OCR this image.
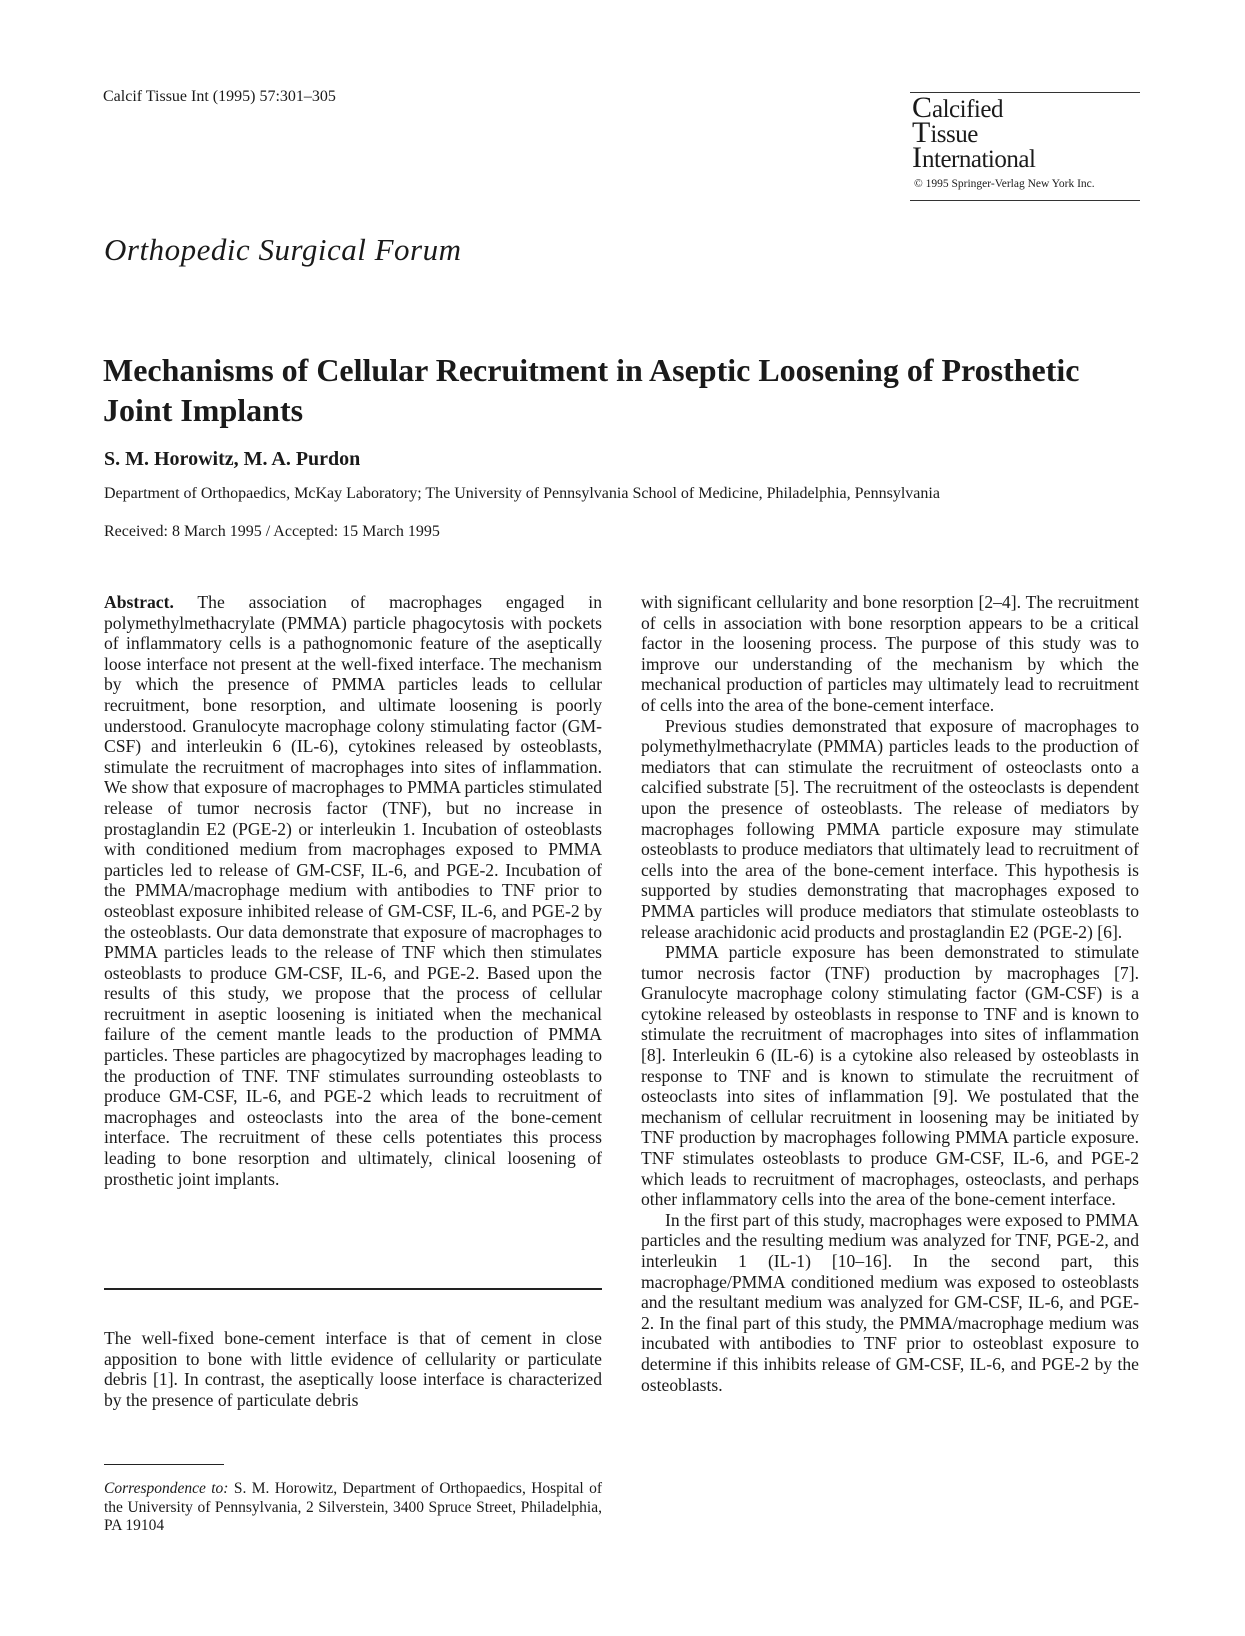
Calcif Tissue Int (1995) 57:301–305	Calcified
Tissue
International
© 1995 Springer-Verlag New York Inc.
Orthopedic Surgical Forum
Mechanisms of Cellular Recruitment in Aseptic Loosening of Prosthetic Joint Implants
S. M. Horowitz, M. A. Purdon
Department of Orthopaedics, McKay Laboratory; The University of Pennsylvania School of Medicine, Philadelphia, Pennsylvania
Received: 8 March 1995 / Accepted: 15 March 1995

Abstract. The association of macrophages engaged in polymethylmethacrylate (PMMA) particle phagocytosis with pockets of inflammatory cells is a pathognomonic feature of the aseptically loose interface not present at the well-fixed interface. The mechanism by which the presence of PMMA particles leads to cellular recruitment, bone resorption, and ultimate loosening is poorly understood. Granulocyte macrophage colony stimulating factor (GM-CSF) and interleukin 6 (IL-6), cytokines released by osteoblasts, stimulate the recruitment of macrophages into sites of inflammation. We show that exposure of macrophages to PMMA particles stimulated release of tumor necrosis factor (TNF), but no increase in prostaglandin E2 (PGE-2) or interleukin 1. Incubation of osteoblasts with conditioned medium from macrophages exposed to PMMA particles led to release of GM-CSF, IL-6, and PGE-2. Incubation of the PMMA/macrophage medium with antibodies to TNF prior to osteoblast exposure inhibited release of GM-CSF, IL-6, and PGE-2 by the osteoblasts. Our data demonstrate that exposure of macrophages to PMMA particles leads to the release of TNF which then stimulates osteoblasts to produce GM-CSF, IL-6, and PGE-2. Based upon the results of this study, we propose that the process of cellular recruitment in aseptic loosening is initiated when the mechanical failure of the cement mantle leads to the production of PMMA particles. These particles are phagocytized by macrophages leading to the production of TNF. TNF stimulates surrounding osteoblasts to produce GM-CSF, IL-6, and PGE-2 which leads to recruitment of macrophages and osteoclasts into the area of the bone-cement interface. The recruitment of these cells potentiates this process leading to bone resorption and ultimately, clinical loosening of prosthetic joint implants.

The well-fixed bone-cement interface is that of cement in close apposition to bone with little evidence of cellularity or particulate debris [1]. In contrast, the aseptically loose interface is characterized by the presence of particulate debris

Correspondence to: S. M. Horowitz, Department of Orthopaedics, Hospital of the University of Pennsylvania, 2 Silverstein, 3400 Spruce Street, Philadelphia, PA 19104

with significant cellularity and bone resorption [2–4]. The recruitment of cells in association with bone resorption appears to be a critical factor in the loosening process. The purpose of this study was to improve our understanding of the mechanism by which the mechanical production of particles may ultimately lead to recruitment of cells into the area of the bone-cement interface.

Previous studies demonstrated that exposure of macrophages to polymethylmethacrylate (PMMA) particles leads to the production of mediators that can stimulate the recruitment of osteoclasts onto a calcified substrate [5]. The recruitment of the osteoclasts is dependent upon the presence of osteoblasts. The release of mediators by macrophages following PMMA particle exposure may stimulate osteoblasts to produce mediators that ultimately lead to recruitment of cells into the area of the bone-cement interface. This hypothesis is supported by studies demonstrating that macrophages exposed to PMMA particles will produce mediators that stimulate osteoblasts to release arachidonic acid products and prostaglandin E2 (PGE-2) [6].

PMMA particle exposure has been demonstrated to stimulate tumor necrosis factor (TNF) production by macrophages [7]. Granulocyte macrophage colony stimulating factor (GM-CSF) is a cytokine released by osteoblasts in response to TNF and is known to stimulate the recruitment of macrophages into sites of inflammation [8]. Interleukin 6 (IL-6) is a cytokine also released by osteoblasts in response to TNF and is known to stimulate the recruitment of osteoclasts into sites of inflammation [9]. We postulated that the mechanism of cellular recruitment in loosening may be initiated by TNF production by macrophages following PMMA particle exposure. TNF stimulates osteoblasts to produce GM-CSF, IL-6, and PGE-2 which leads to recruitment of macrophages, osteoclasts, and perhaps other inflammatory cells into the area of the bone-cement interface.

In the first part of this study, macrophages were exposed to PMMA particles and the resulting medium was analyzed for TNF, PGE-2, and interleukin 1 (IL-1) [10–16]. In the second part, this macrophage/PMMA conditioned medium was exposed to osteoblasts and the resultant medium was analyzed for GM-CSF, IL-6, and PGE-2. In the final part of this study, the PMMA/macrophage medium was incubated with antibodies to TNF prior to osteoblast exposure to determine if this inhibits release of GM-CSF, IL-6, and PGE-2 by the osteoblasts.
